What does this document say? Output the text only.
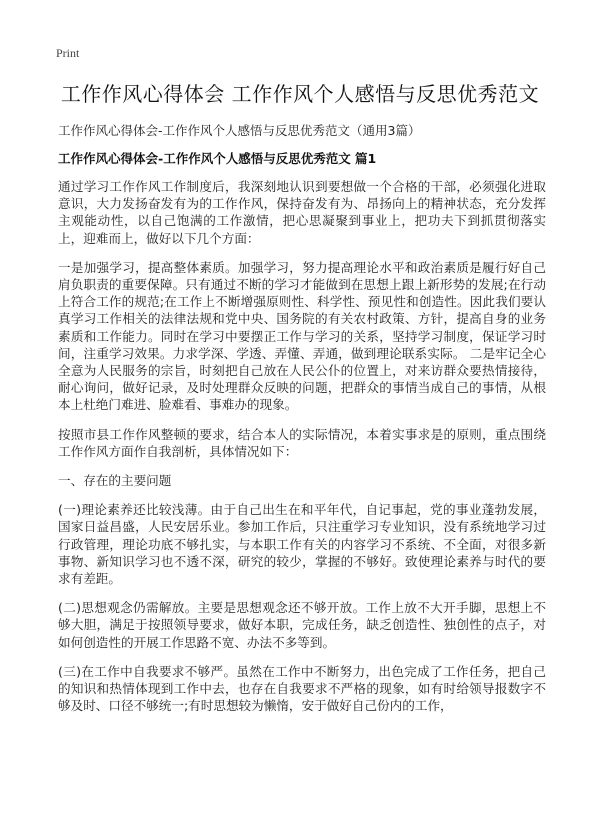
Print
工作作风心得体会 工作作风个人感悟与反思优秀范文
工作作风心得体会-工作作风个人感悟与反思优秀范文（通用3篇）
工作作风心得体会-工作作风个人感悟与反思优秀范文 篇1

通过学习工作作风工作制度后，我深刻地认识到要想做一个合格的干部，必须强化进取意识，大力发扬奋发有为的工作作风，保持奋发有为、昂扬向上的精神状态，充分发挥主观能动性，以自己饱满的工作激情，把心思凝聚到事业上，把功夫下到抓贯彻落实上，迎难而上，做好以下几个方面：

一是加强学习，提高整体素质。加强学习，努力提高理论水平和政治素质是履行好自己肩负职责的重要保障。只有通过不断的学习才能做到在思想上跟上新形势的发展;在行动上符合工作的规范;在工作上不断增强原则性、科学性、预见性和创造性。因此我们要认真学习工作相关的法律法规和党中央、国务院的有关农村政策、方针，提高自身的业务素质和工作能力。同时在学习中要摆正工作与学习的关系，坚持学习制度，保证学习时间，注重学习效果。力求学深、学透、弄懂、弄通，做到理论联系实际。 二是牢记全心全意为人民服务的宗旨，时刻把自己放在人民公仆的位置上，对来访群众要热情接待，耐心询问，做好记录，及时处理群众反映的问题，把群众的事情当成自己的事情，从根本上杜绝门难进、脸难看、事难办的现象。

按照市县工作作风整顿的要求，结合本人的实际情况，本着实事求是的原则，重点围绕工作作风方面作自我剖析，具体情况如下：

一、存在的主要问题

(一)理论素养还比较浅薄。由于自己出生在和平年代，自记事起，党的事业蓬勃发展，国家日益昌盛，人民安居乐业。参加工作后，只注重学习专业知识，没有系统地学习过行政管理，理论功底不够扎实，与本职工作有关的内容学习不系统、不全面，对很多新事物、新知识学习也不透不深，研究的较少，掌握的不够好。致使理论素养与时代的要求有差距。

(二)思想观念仍需解放。主要是思想观念还不够开放。工作上放不大开手脚，思想上不够大胆，满足于按照领导要求，做好本职，完成任务，缺乏创造性、独创性的点子，对如何创造性的开展工作思路不宽、办法不多等到。

(三)在工作中自我要求不够严。虽然在工作中不断努力，出色完成了工作任务，把自己的知识和热情体现到工作中去，也存在自我要求不严格的现象，如有时给领导报数字不够及时、口径不够统一;有时思想较为懒惰，安于做好自己份内的工作，
